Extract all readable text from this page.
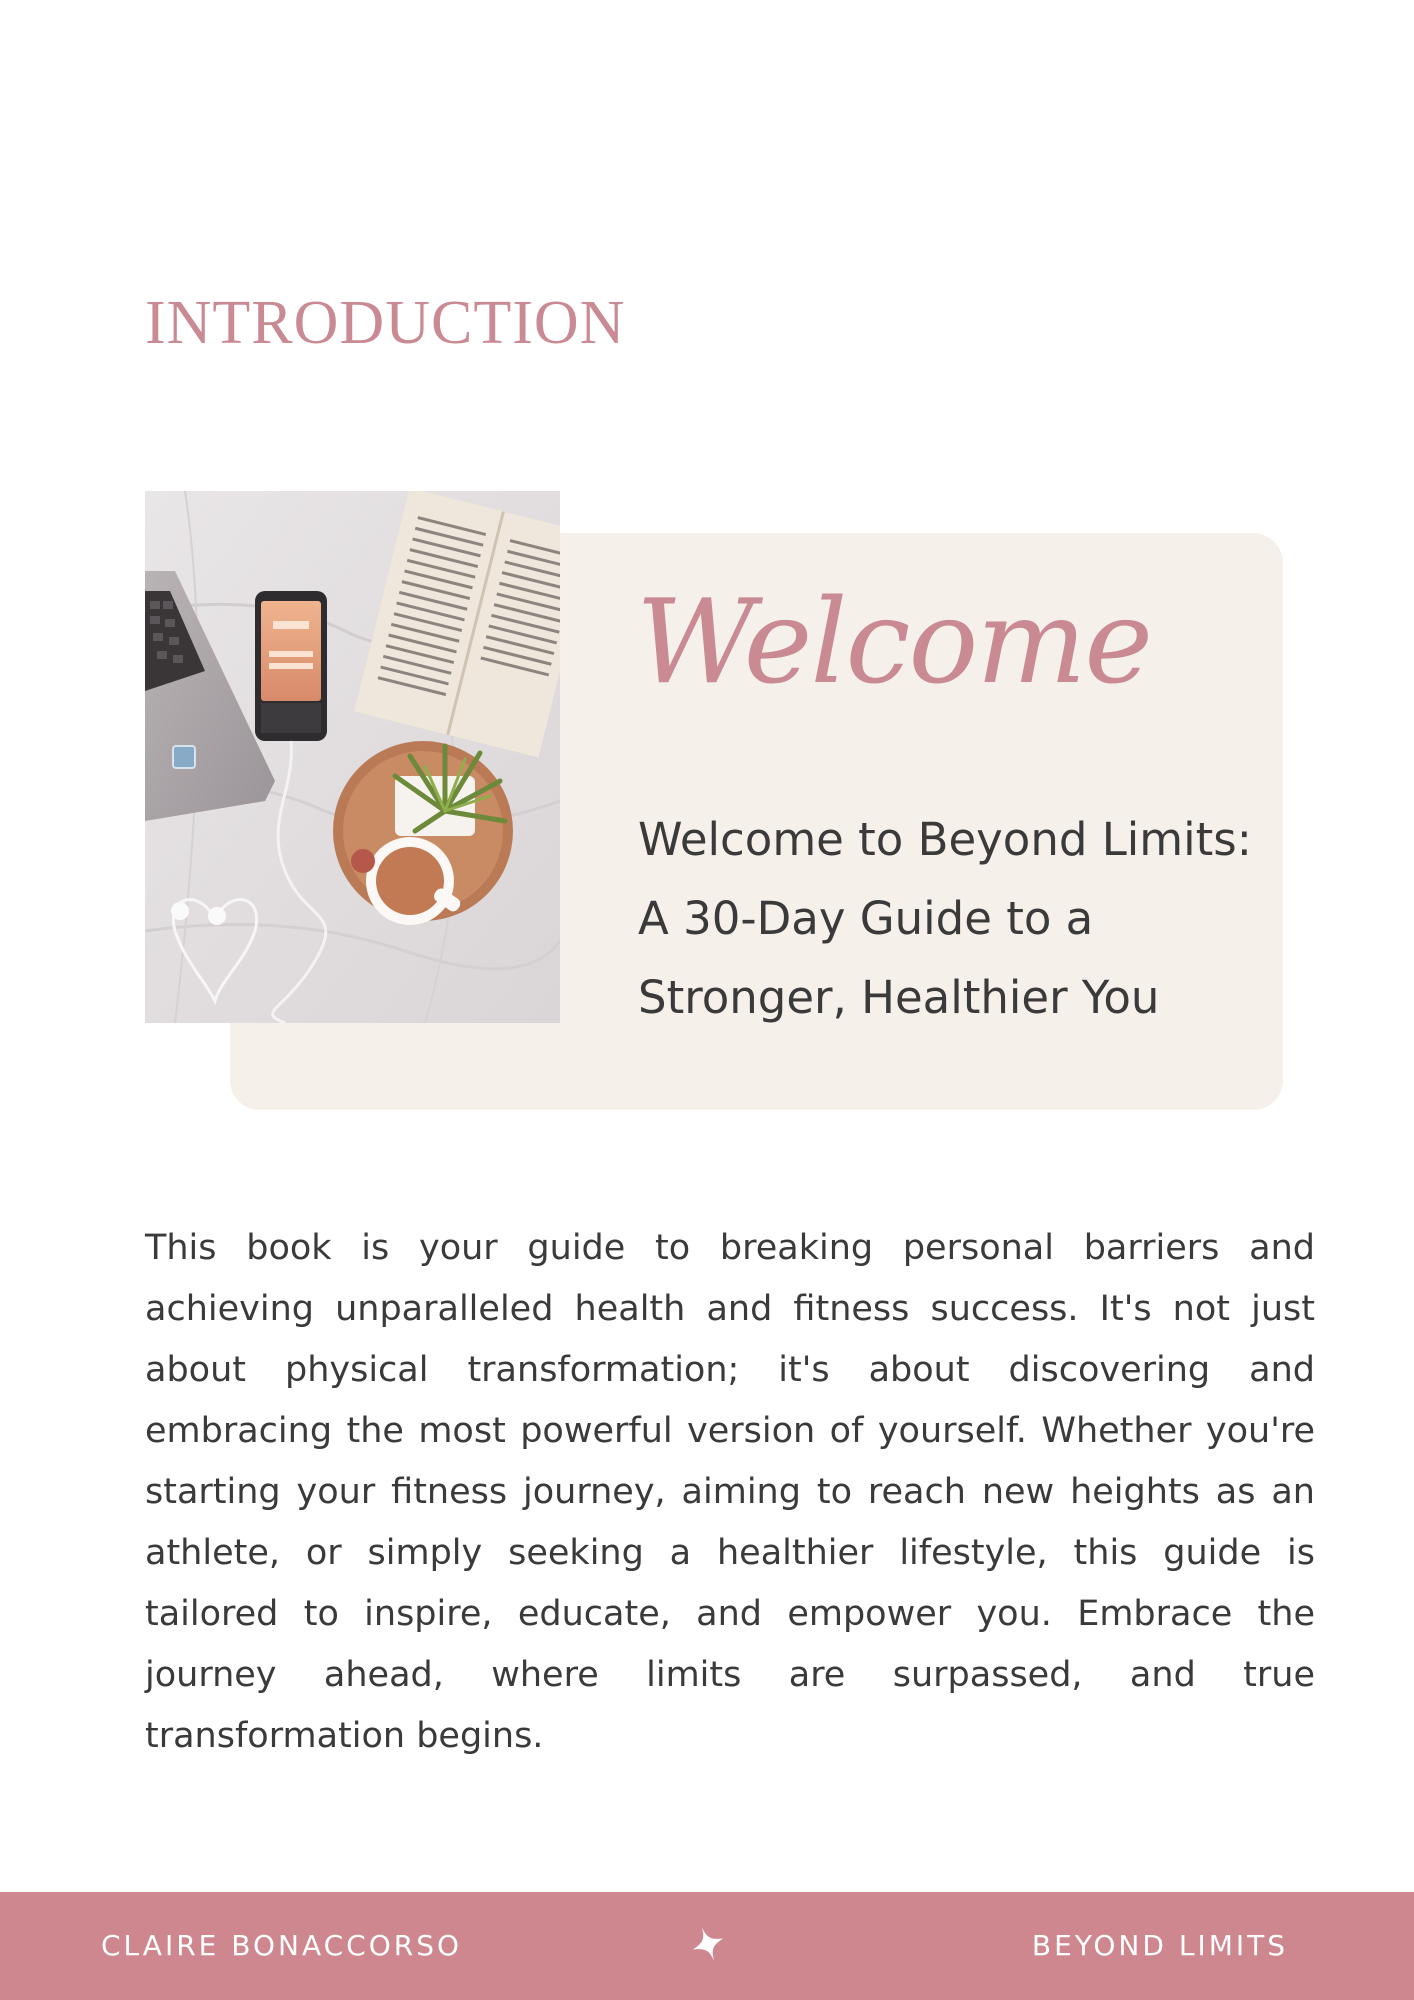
INTRODUCTION
Welcome
Welcome to Beyond Limits:
A 30-Day Guide to a
Stronger, Healthier You

This book is your guide to breaking personal barriers and achieving unparalleled health and fitness success. It's not just about physical transformation; it's about discovering and embracing the most powerful version of yourself. Whether you're starting your fitness journey, aiming to reach new heights as an athlete, or simply seeking a healthier lifestyle, this guide is tailored to inspire, educate, and empower you. Embrace the journey ahead, where limits are surpassed, and true transformation begins.

CLAIRE BONACCORSO	BEYOND LIMITS
